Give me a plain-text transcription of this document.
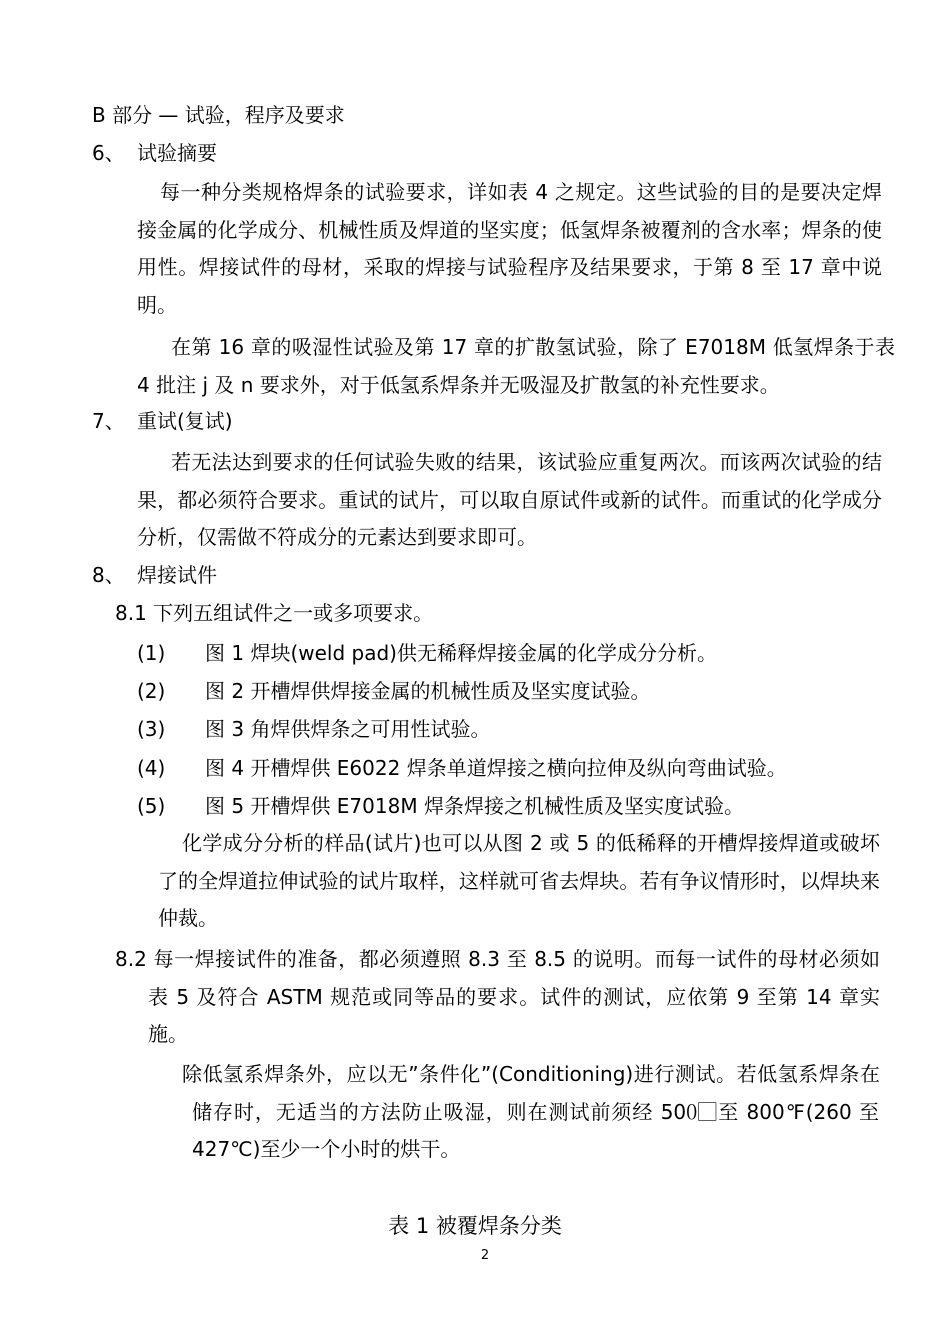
B 部分 — 试验，程序及要求
6、 试验摘要
每一种分类规格焊条的试验要求，详如表 4 之规定。这些试验的目的是要决定焊接金属的化学成分、机械性质及焊道的坚实度；低氢焊条被覆剂的含水率；焊条的使用性。焊接试件的母材，采取的焊接与试验程序及结果要求，于第 8 至 17 章中说明。
在第 16 章的吸湿性试验及第 17 章的扩散氢试验，除了 E7018M 低氢焊条于表 4 批注 j 及 n 要求外，对于低氢系焊条并无吸湿及扩散氢的补充性要求。
7、 重试(复试)
若无法达到要求的任何试验失败的结果，该试验应重复两次。而该两次试验的结果，都必须符合要求。重试的试片，可以取自原试件或新的试件。而重试的化学成分分析，仅需做不符成分的元素达到要求即可。
8、 焊接试件
8.1 下列五组试件之一或多项要求。
(1) 图 1 焊块(weld pad)供无稀释焊接金属的化学成分分析。
(2) 图 2 开槽焊供焊接金属的机械性质及坚实度试验。
(3) 图 3 角焊供焊条之可用性试验。
(4) 图 4 开槽焊供 E6022 焊条单道焊接之横向拉伸及纵向弯曲试验。
(5) 图 5 开槽焊供 E7018M 焊条焊接之机械性质及坚实度试验。
化学成分分析的样品(试片)也可以从图 2 或 5 的低稀释的开槽焊接焊道或破坏了的全焊道拉伸试验的试片取样，这样就可省去焊块。若有争议情形时，以焊块来仲裁。
8.2 每一焊接试件的准备，都必须遵照 8.3 至 8.5 的说明。而每一试件的母材必须如表 5 及符合 ASTM 规范或同等品的要求。试件的测试，应依第 9 至第 14 章实施。
除低氢系焊条外，应以无”条件化”(Conditioning)进行测试。若低氢系焊条在储存时，无适当的方法防止吸湿，则在测试前须经 500⃞至 800℉(260 至 427℃)至少一个小时的烘干。
表 1 被覆焊条分类
2
